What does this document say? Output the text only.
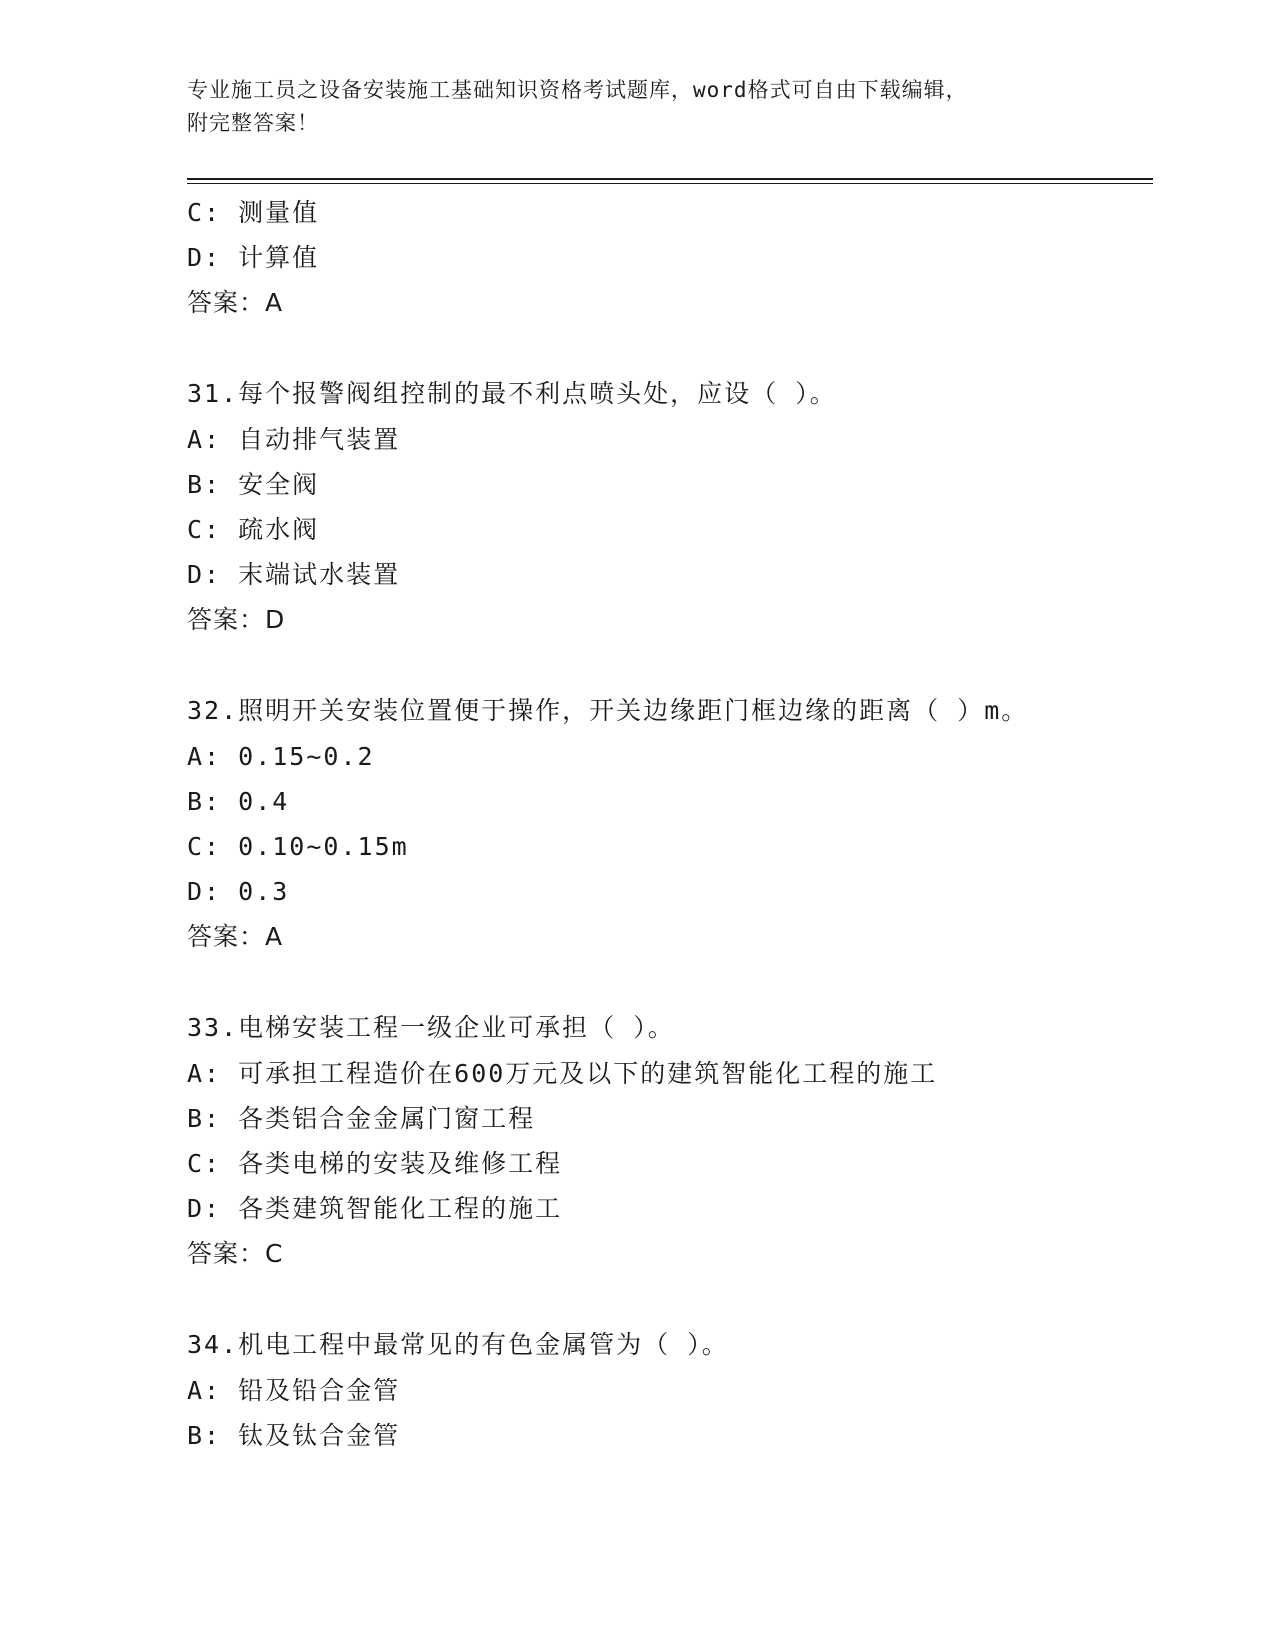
专业施工员之设备安装施工基础知识资格考试题库，word格式可自由下载编辑，
附完整答案！
C: 测量值
D: 计算值
答案：A
31.每个报警阀组控制的最不利点喷头处，应设（ ）。
A: 自动排气装置
B: 安全阀
C: 疏水阀
D: 末端试水装置
答案：D
32.照明开关安装位置便于操作，开关边缘距门框边缘的距离（ ）m。
A: 0.15~0.2
B: 0.4
C: 0.10~0.15m
D: 0.3
答案：A
33.电梯安装工程一级企业可承担（ ）。
A: 可承担工程造价在600万元及以下的建筑智能化工程的施工
B: 各类铝合金金属门窗工程
C: 各类电梯的安装及维修工程
D: 各类建筑智能化工程的施工
答案：C
34.机电工程中最常见的有色金属管为（ ）。
A: 铅及铅合金管
B: 钛及钛合金管
